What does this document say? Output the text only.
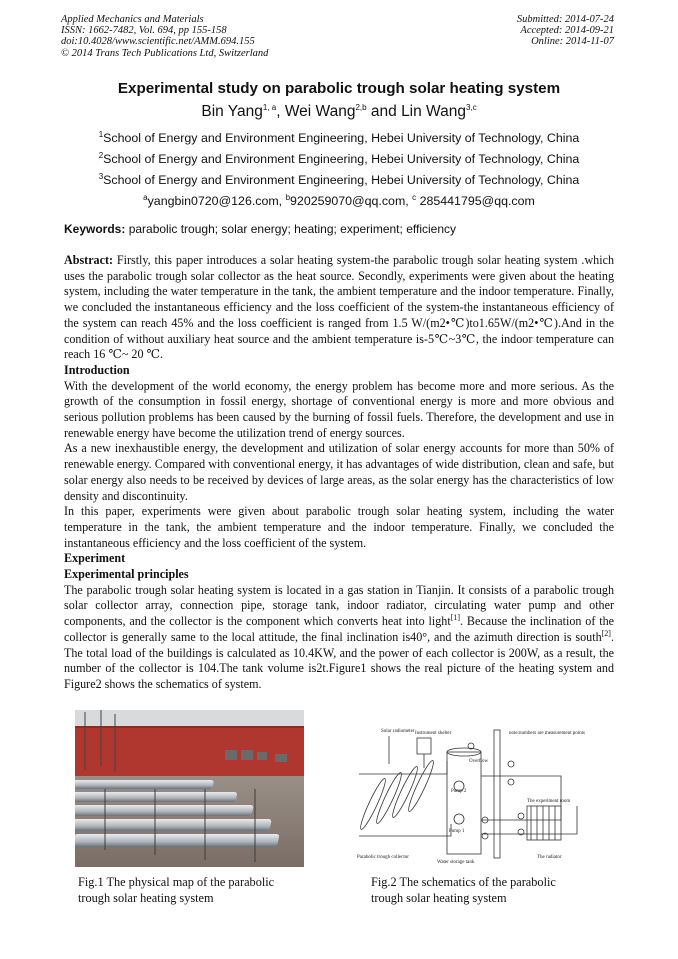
Applied Mechanics and Materials
ISSN: 1662-7482, Vol. 694, pp 155-158
doi:10.4028/www.scientific.net/AMM.694.155
© 2014 Trans Tech Publications Ltd, Switzerland
Submitted: 2014-07-24
Accepted: 2014-09-21
Online: 2014-11-07
Experimental study on parabolic trough solar heating system
Bin Yang$^{1, a}$, Wei Wang$^{2,b}$ and Lin Wang$^{3,c}$
$^1$School of Energy and Environment Engineering, Hebei University of Technology, China
$^2$School of Energy and Environment Engineering, Hebei University of Technology, China
$^3$School of Energy and Environment Engineering, Hebei University of Technology, China
$^a$yangbin0720@126.com, $^b$920259070@qq.com, $^c$ 285441795@qq.com
Keywords: parabolic trough; solar energy; heating; experiment; efficiency

Abstract: Firstly, this paper introduces a solar heating system-the parabolic trough solar heating system .which uses the parabolic trough solar collector as the heat source. Secondly, experiments were given about the heating system, including the water temperature in the tank, the ambient temperature and the indoor temperature. Finally, we concluded the instantaneous efficiency and the loss coefficient of the system-the instantaneous efficiency of the system can reach 45% and the loss coefficient is ranged from 1.5 W/(m2•℃)to1.65W/(m2•℃).And in the condition of without auxiliary heat source and the ambient temperature is-5℃~3℃, the indoor temperature can reach 16 ℃~ 20 ℃.

Introduction

With the development of the world economy, the energy problem has become more and more serious. As the growth of the consumption in fossil energy, shortage of conventional energy is more and more obvious and serious pollution problems has been caused by the burning of fossil fuels. Therefore, the development and use in renewable energy have become the utilization trend of energy sources.

As a new inexhaustible energy, the development and utilization of solar energy accounts for more than 50% of renewable energy. Compared with conventional energy, it has advantages of wide distribution, clean and safe, but solar energy also needs to be received by devices of large areas, as the solar energy has the characteristics of low density and discontinuity.

In this paper, experiments were given about parabolic trough solar heating system, including the water temperature in the tank, the ambient temperature and the indoor temperature. Finally, we concluded the instantaneous efficiency and the loss coefficient of the system.

Experiment

Experimental principles

The parabolic trough solar heating system is located in a gas station in Tianjin. It consists of a parabolic trough solar collector array, connection pipe, storage tank, indoor radiator, circulating water pump and other components, and the collector is the component which converts heat into light[1]. Because the inclination of the collector is generally same to the local attitude, the final inclination is40°, and the azimuth direction is south[2]. The total load of the buildings is calculated as 10.4KW, and the power of each collector is 200W, as a result, the number of the collector is 104.The tank volume is2t.Figure1 shows the real picture of the heating system and Figure2 shows the schematics of system.

Solar radiometer Instrument shelter
Overflow
note:numbers are measurement points
The experiment room
Pump 2
Pump 1
Parabolic trough collector
Water storage tank
The radiator
Fig.1 The physical map of the parabolic trough solar heating system
Fig.2 The schematics of the parabolic trough solar heating system
